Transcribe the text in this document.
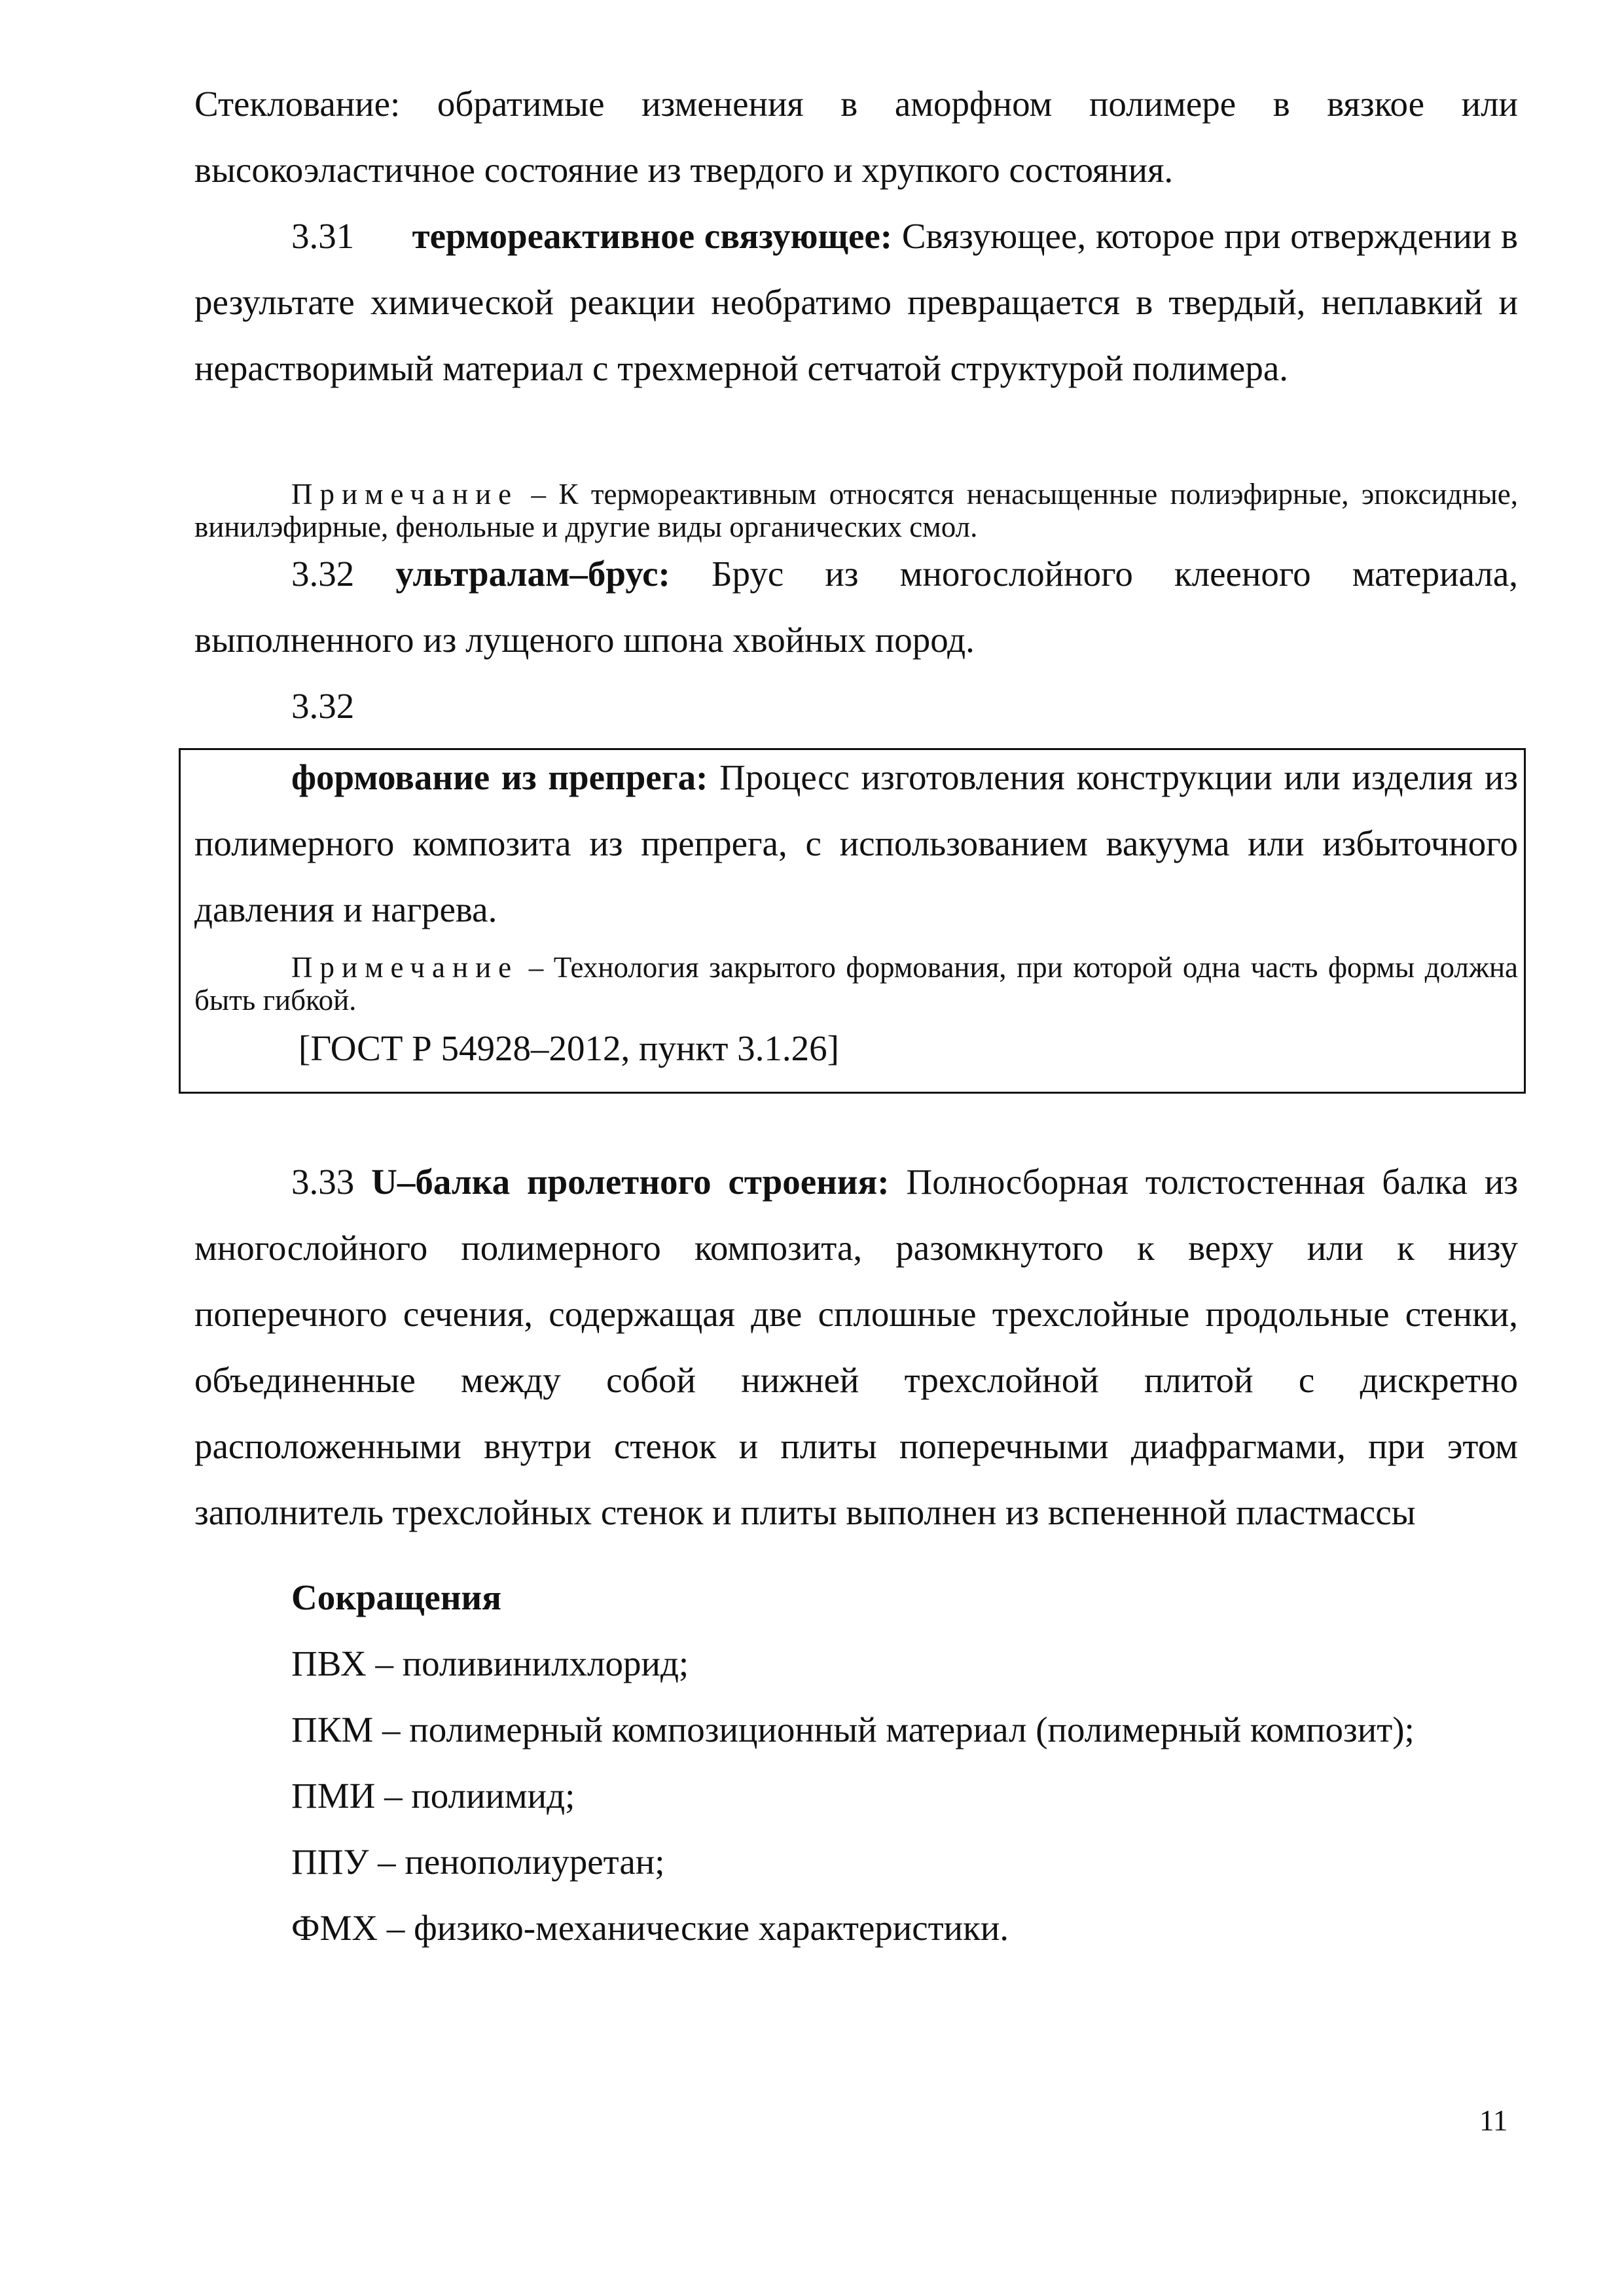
Стеклование: обратимые изменения в аморфном полимере в вязкое или высокоэластичное состояние из твердого и хрупкого состояния.

3.31 термореактивное связующее: Связующее, которое при отверждении в результате химической реакции необратимо превращается в твердый, неплавкий и нерастворимый материал с трехмерной сетчатой структурой полимера.

Примечание – К термореактивным относятся ненасыщенные полиэфирные, эпоксидные, винилэфирные, фенольные и другие виды органических смол.

3.32 ультралам–брус: Брус из многослойного клееного материала, выполненного из лущеного шпона хвойных пород.

3.32

формование из препрега: Процесс изготовления конструкции или изделия из полимерного композита из препрега, с использованием вакуума или избыточного давления и нагрева.

Примечание – Технология закрытого формования, при которой одна часть формы должна быть гибкой.

[ГОСТ Р 54928–2012, пункт 3.1.26]

3.33 U–балка пролетного строения: Полносборная толстостенная балка из многослойного полимерного композита, разомкнутого к верху или к низу поперечного сечения, содержащая две сплошные трехслойные продольные стенки, объединенные между собой нижней трехслойной плитой с дискретно расположенными внутри стенок и плиты поперечными диафрагмами, при этом заполнитель трехслойных стенок и плиты выполнен из вспененной пластмассы

Сокращения

ПВХ – поливинилхлорид;

ПКМ – полимерный композиционный материал (полимерный композит);

ПМИ – полиимид;

ППУ – пенополиуретан;

ФМХ – физико-механические характеристики.

11
